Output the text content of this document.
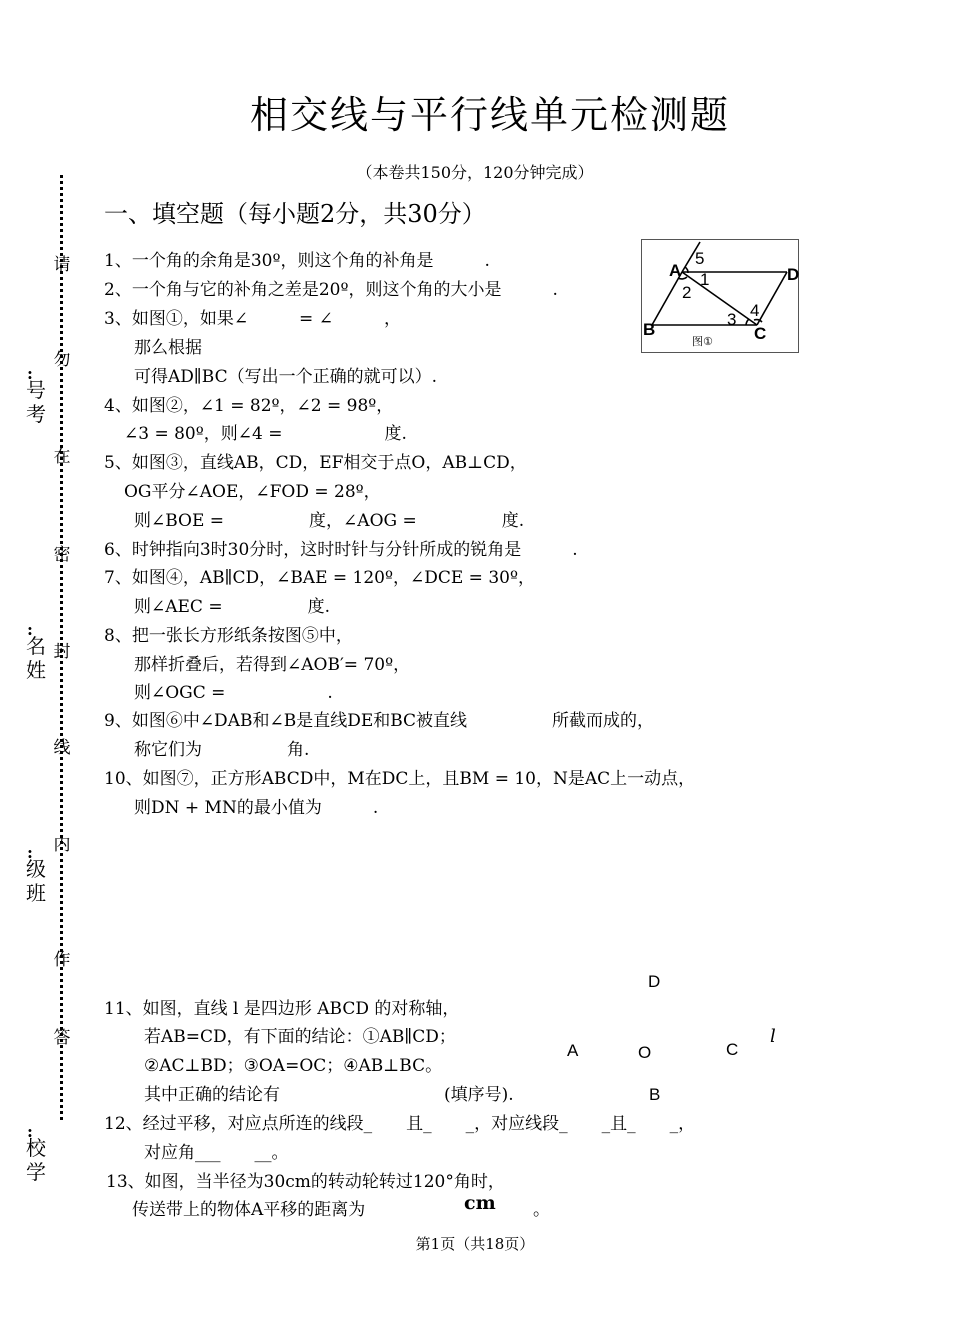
相交线与平行线单元检测题
（本卷共150分，120分钟完成）
一、填空题（每小题2分，共30分）
请
勿
在
密
封
线
内
作
答
:
号考
:
名姓
:
级班
:
校学
1、一个角的余角是30º，则这个角的补角是　　　.
2、一个角与它的补角之差是20º，则这个角的大小是　　　.
3、如图①，如果∠　　　= ∠　　　，
那么根据
可得AD∥BC（写出一个正确的就可以）.
4、如图②，∠1 = 82º，∠2 = 98º，
∠3 = 80º，则∠4 =　　　　　　度.
5、如图③，直线AB，CD，EF相交于点O，AB⊥CD，
OG平分∠AOE，∠FOD = 28º，
则∠BOE =　　　　　度，∠AOG =　　　　　度.
6、时钟指向3时30分时，这时时针与分针所成的锐角是　　　.
7、如图④，AB∥CD，∠BAE = 120º，∠DCE = 30º，
则∠AEC =　　　　　度.
8、把一张长方形纸条按图⑤中，
那样折叠后，若得到∠AOB′= 70º，
则∠OGC =　　　　　　.
9、如图⑥中∠DAB和∠B是直线DE和BC被直线　　　　　所截而成的，
称它们为　　　　　角.
10、如图⑦，正方形ABCD中，M在DC上，且BM = 10，N是AC上一动点，
则DN + MN的最小值为　　　.
A	D
B	C
1
2
3 4
5
图①
D
A	O	C
l
B
11、如图，直线 l 是四边形 ABCD 的对称轴，
若AB=CD，有下面的结论：①AB∥CD；
②AC⊥BD；③OA=OC；④AB⊥BC。
其中正确的结论有	(填序号).
12、经过平移，对应点所连的线段_　　且_　　_，对应线段_　　_且_　　_，
对应角___　　__。
13、如图，当半径为30cm的转动轮转过120°角时，
传送带上的物体A平移的距离为	cm 。
第1页（共18页）
